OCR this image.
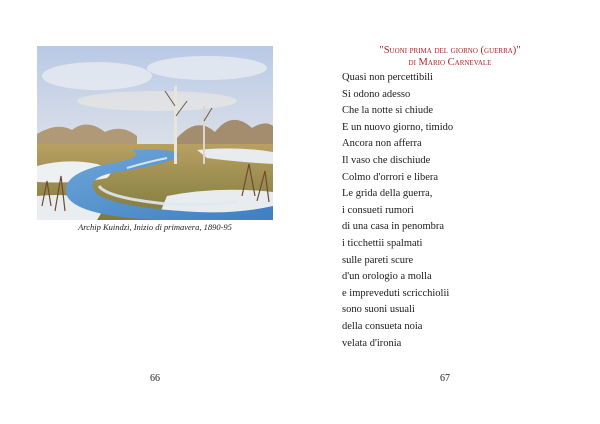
Archip Kuindzi, Inizio di primavera, 1890-95
66
"Suoni prima del giorno (guerra)"
di Mario Carnevale
Quasi non percettibili
Si odono adesso
Che la notte si chiude
E un nuovo giorno, timido
Ancora non afferra
Il vaso che dischiude
Colmo d'orrori e libera
Le grida della guerra,
i consueti rumori
di una casa in penombra
i ticchettii spalmati
sulle pareti scure
d'un orologio a molla
e impreveduti scricchiolii
sono suoni usuali
della consueta noia
velata d'ironia
67
